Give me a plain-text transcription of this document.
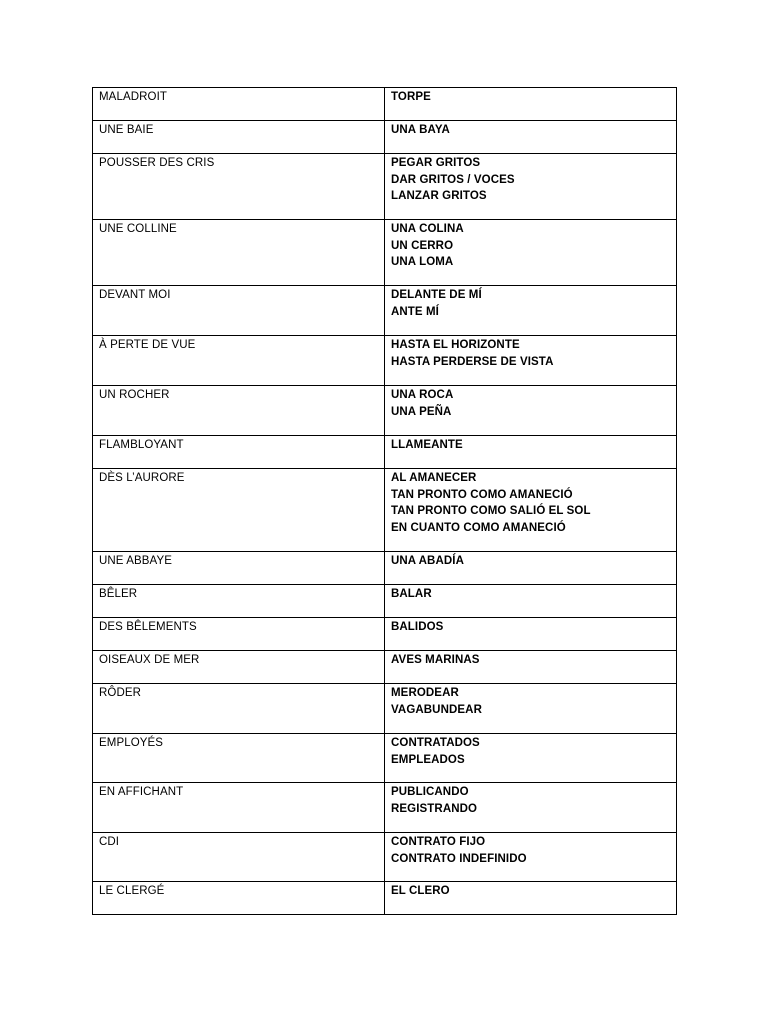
MALADROIT	TORPE

UNE BAIE	UNA BAYA

POUSSER DES CRIS	PEGAR GRITOS
DAR GRITOS / VOCES
LANZAR GRITOS

UNE COLLINE	UNA COLINA
UN CERRO
UNA LOMA

DEVANT MOI	DELANTE DE MÍ
ANTE MÍ

À PERTE DE VUE	HASTA EL HORIZONTE
HASTA PERDERSE DE VISTA

UN ROCHER	UNA ROCA
UNA PEÑA

FLAMBLOYANT	LLAMEANTE

DÈS L’AURORE	AL AMANECER
TAN PRONTO COMO AMANECIÓ
TAN PRONTO COMO SALIÓ EL SOL
EN CUANTO COMO AMANECIÓ

UNE ABBAYE	UNA ABADÍA

BÊLER	BALAR

DES BÊLEMENTS	BALIDOS

OISEAUX DE MER	AVES MARINAS

RÔDER	MERODEAR
VAGABUNDEAR

EMPLOYÉS	CONTRATADOS
EMPLEADOS

EN AFFICHANT	PUBLICANDO
REGISTRANDO

CDI	CONTRATO FIJO
CONTRATO INDEFINIDO

LE CLERGÉ	EL CLERO
